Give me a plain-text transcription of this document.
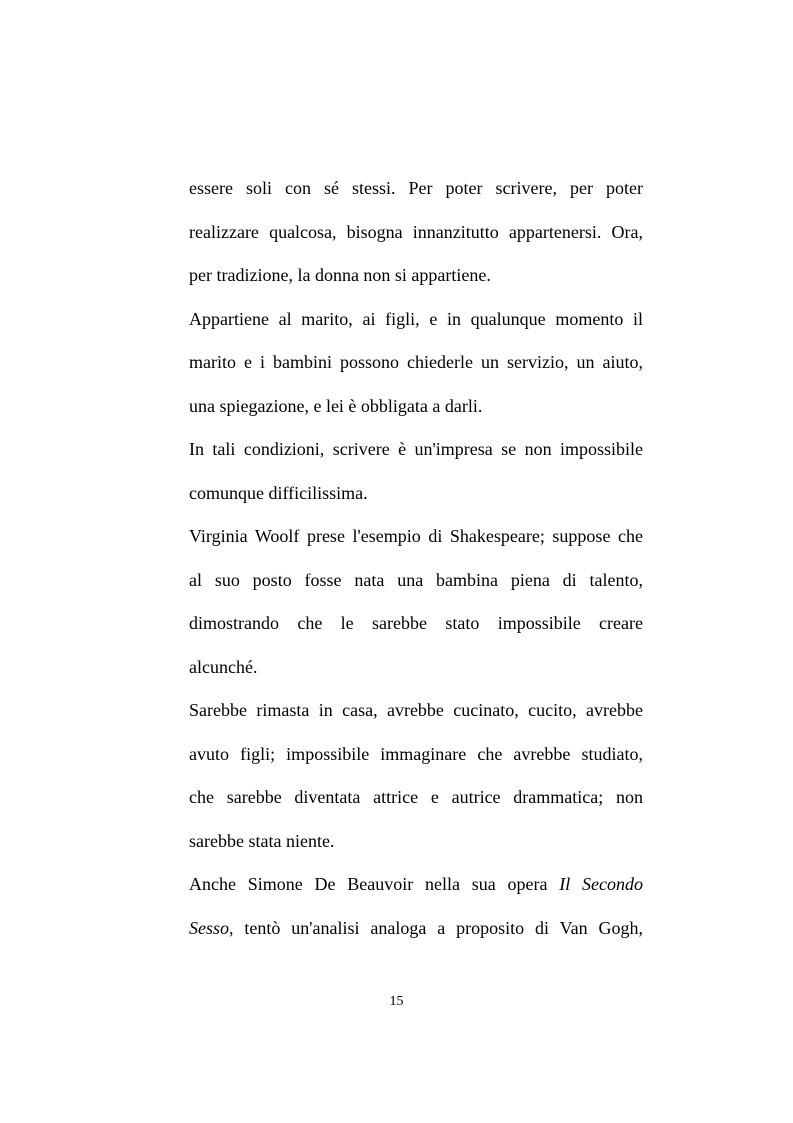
essere soli con sé stessi. Per poter scrivere, per poter
realizzare qualcosa, bisogna innanzitutto appartenersi. Ora,
per tradizione, la donna non si appartiene.
Appartiene al marito, ai figli, e in qualunque momento il
marito e i bambini possono chiederle un servizio, un aiuto,
una spiegazione, e lei è obbligata a darli.
In tali condizioni, scrivere è un'impresa se non impossibile
comunque difficilissima.
Virginia Woolf prese l'esempio di Shakespeare; suppose che
al suo posto fosse nata una bambina piena di talento,
dimostrando che le sarebbe stato impossibile creare
alcunché.
Sarebbe rimasta in casa, avrebbe cucinato, cucito, avrebbe
avuto figli; impossibile immaginare che avrebbe studiato,
che sarebbe diventata attrice e autrice drammatica; non
sarebbe stata niente.
Anche Simone De Beauvoir nella sua opera Il Secondo
Sesso, tentò un'analisi analoga a proposito di Van Gogh,
15
